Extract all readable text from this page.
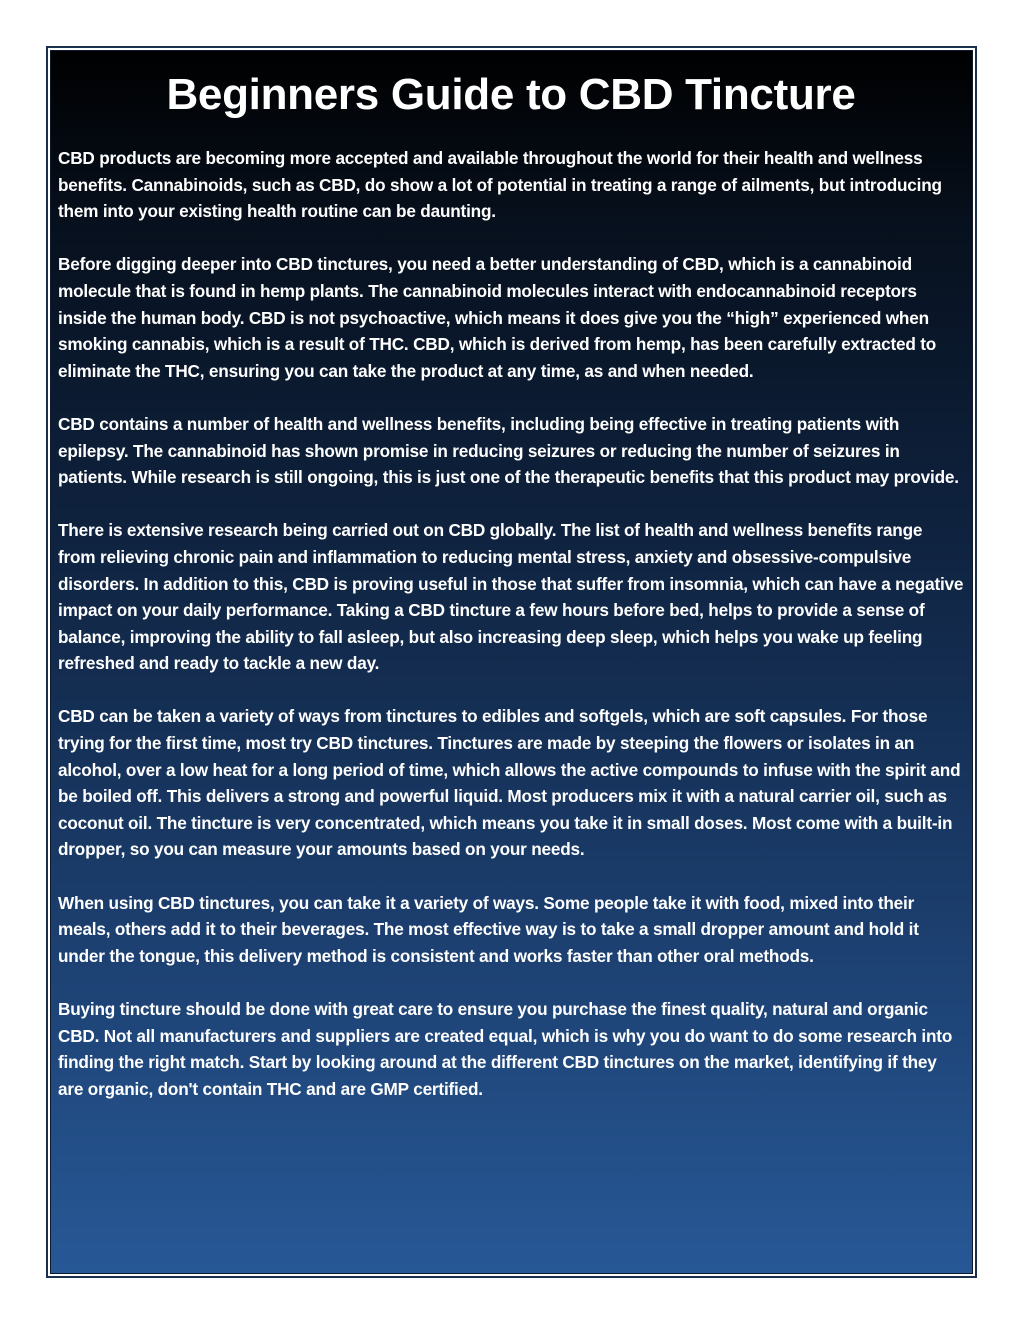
Beginners Guide to CBD Tincture

CBD products are becoming more accepted and available throughout the world for their health and wellness benefits. Cannabinoids, such as CBD, do show a lot of potential in treating a range of ailments, but introducing them into your existing health routine can be daunting.

Before digging deeper into CBD tinctures, you need a better understanding of CBD, which is a cannabinoid molecule that is found in hemp plants. The cannabinoid molecules interact with endocannabinoid receptors inside the human body. CBD is not psychoactive, which means it does give you the “high” experienced when smoking cannabis, which is a result of THC. CBD, which is derived from hemp, has been carefully extracted to eliminate the THC, ensuring you can take the product at any time, as and when needed.

CBD contains a number of health and wellness benefits, including being effective in treating patients with epilepsy. The cannabinoid has shown promise in reducing seizures or reducing the number of seizures in patients. While research is still ongoing, this is just one of the therapeutic benefits that this product may provide.

There is extensive research being carried out on CBD globally. The list of health and wellness benefits range from relieving chronic pain and inflammation to reducing mental stress, anxiety and obsessive-compulsive disorders. In addition to this, CBD is proving useful in those that suffer from insomnia, which can have a negative impact on your daily performance. Taking a CBD tincture a few hours before bed, helps to provide a sense of balance, improving the ability to fall asleep, but also increasing deep sleep, which helps you wake up feeling refreshed and ready to tackle a new day.

CBD can be taken a variety of ways from tinctures to edibles and softgels, which are soft capsules. For those trying for the first time, most try CBD tinctures. Tinctures are made by steeping the flowers or isolates in an alcohol, over a low heat for a long period of time, which allows the active compounds to infuse with the spirit and be boiled off. This delivers a strong and powerful liquid. Most producers mix it with a natural carrier oil, such as coconut oil. The tincture is very concentrated, which means you take it in small doses. Most come with a built-in dropper, so you can measure your amounts based on your needs.

When using CBD tinctures, you can take it a variety of ways. Some people take it with food, mixed into their meals, others add it to their beverages. The most effective way is to take a small dropper amount and hold it under the tongue, this delivery method is consistent and works faster than other oral methods.

Buying tincture should be done with great care to ensure you purchase the finest quality, natural and organic CBD. Not all manufacturers and suppliers are created equal, which is why you do want to do some research into finding the right match. Start by looking around at the different CBD tinctures on the market, identifying if they are organic, don't contain THC and are GMP certified.
